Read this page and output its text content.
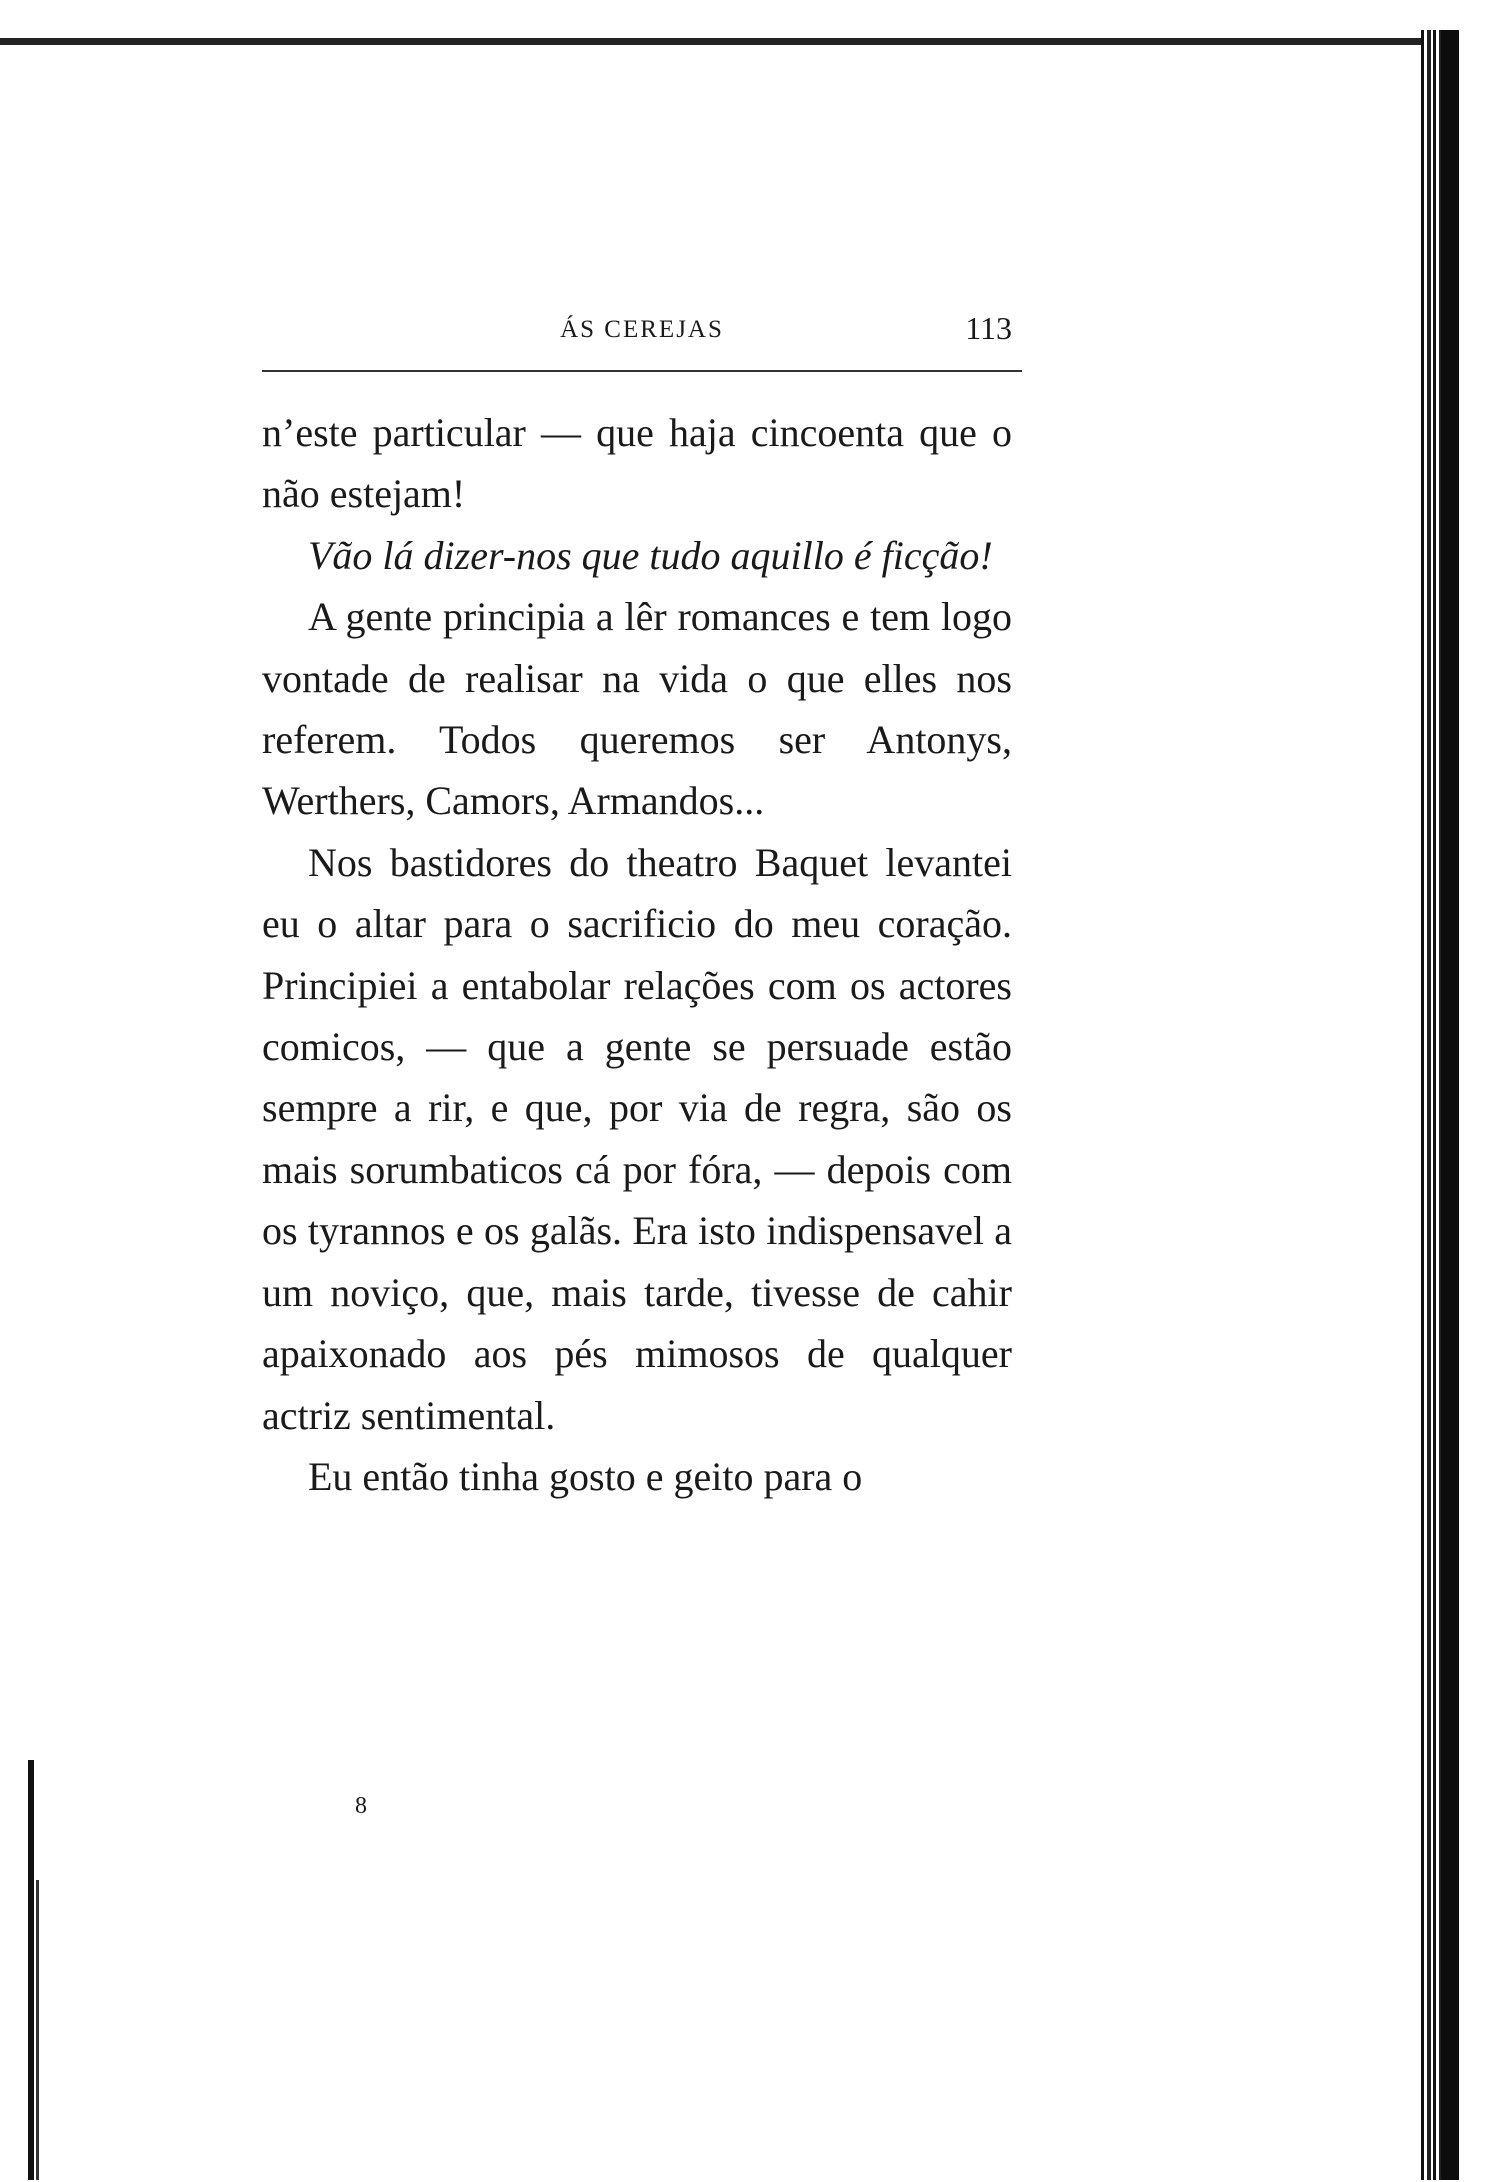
ÁS CEREJAS	113

n’este particular — que haja cincoenta que o não estejam!

Vão lá dizer-nos que tudo aquillo é ficção!

A gente principia a lêr romances e tem logo vontade de realisar na vida o que elles nos referem. Todos queremos ser Antonys, Werthers, Camors, Armandos...

Nos bastidores do theatro Baquet levantei eu o altar para o sacrificio do meu coração. Principiei a entabolar relações com os actores comicos, — que a gente se persuade estão sempre a rir, e que, por via de regra, são os mais sorumbaticos cá por fóra, — depois com os tyrannos e os galãs. Era isto indispensavel a um noviço, que, mais tarde, tivesse de cahir apaixonado aos pés mimosos de qualquer actriz sentimental.

Eu então tinha gosto e geito para o

8
